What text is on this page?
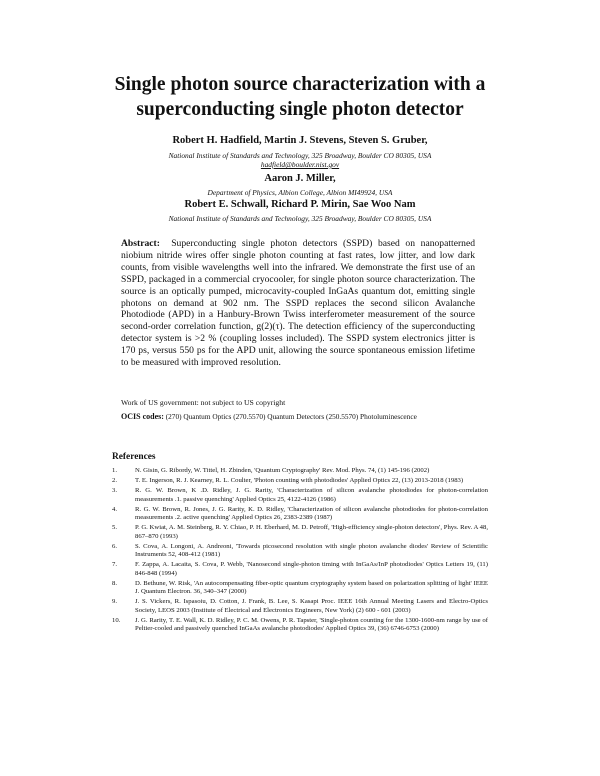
Single photon source characterization with a superconducting single photon detector
Robert H. Hadfield, Martin J. Stevens, Steven S. Gruber,
National Institute of Standards and Technology, 325 Broadway, Boulder CO 80305, USA
hadfield@boulder.nist.gov
Aaron J. Miller,
Department of Physics, Albion College, Albion MI49924, USA
Robert E. Schwall, Richard P. Mirin, Sae Woo Nam
National Institute of Standards and Technology, 325 Broadway, Boulder CO 80305, USA
Abstract: Superconducting single photon detectors (SSPD) based on nanopatterned niobium nitride wires offer single photon counting at fast rates, low jitter, and low dark counts, from visible wavelengths well into the infrared. We demonstrate the first use of an SSPD, packaged in a commercial cryocooler, for single photon source characterization. The source is an optically pumped, microcavity-coupled InGaAs quantum dot, emitting single photons on demand at 902 nm. The SSPD replaces the second silicon Avalanche Photodiode (APD) in a Hanbury-Brown Twiss interferometer measurement of the source second-order correlation function, g(2)(τ). The detection efficiency of the superconducting detector system is >2 % (coupling losses included). The SSPD system electronics jitter is 170 ps, versus 550 ps for the APD unit, allowing the source spontaneous emission lifetime to be measured with improved resolution.
Work of US government: not subject to US copyright
OCIS codes: (270) Quantum Optics (270.5570) Quantum Detectors (250.5570) Photoluminescence
References
1.	N. Gisin, G. Ribordy, W. Tittel, H. Zbinden, 'Quantum Cryptography' Rev. Mod. Phys. 74, (1) 145-196 (2002)
2.	T. E. Ingerson, R. J. Kearney, R. L. Coulter, 'Photon counting with photodiodes' Applied Optics 22, (13) 2013-2018 (1983)
3.	R. G. W. Brown, K .D. Ridley, J. G. Rarity, 'Characterization of silicon avalanche photodiodes for photon-correlation measurements .1. passive quenching' Applied Optics 25, 4122-4126 (1986)
4.	R. G. W. Brown, R. Jones, J. G. Rarity, K. D. Ridley, 'Characterization of silicon avalanche photodiodes for photon-correlation measurements .2. active quenching' Applied Optics 26, 2383-2389 (1987)
5.	P. G. Kwiat, A. M. Steinberg, R. Y. Chiao, P. H. Eberhard, M. D. Petroff, 'High-efficiency single-photon detectors', Phys. Rev. A 48, 867–870 (1993)
6.	S. Cova, A. Longoni, A. Andreoni, 'Towards picosecond resolution with single photon avalanche diodes' Review of Scientific Instruments 52, 408-412 (1981)
7.	F. Zappa, A. Lacaita, S. Cova, P. Webb, 'Nanosecond single-photon timing with InGaAs/InP photodiodes' Optics Letters 19, (11) 846-848 (1994)
8.	D. Bethune, W. Risk, 'An autocompensating fiber-optic quantum cryptography system based on polarization splitting of light' IEEE J. Quantum Electron. 36, 340–347 (2000)
9.	J. S. Vickers, R. Ispasoiu, D. Cotton, J. Frank, B. Lee, S. Kasapi Proc. IEEE 16th Annual Meeting Lasers and Electro-Optics Society, LEOS 2003 (Institute of Electrical and Electronics Engineers, New York) (2) 600 - 601 (2003)
10.	J. G. Rarity, T. E. Wall, K. D. Ridley, P. C. M. Owens, P. R. Tapster, 'Single-photon counting for the 1300-1600-nm range by use of Peltier-cooled and passively quenched InGaAs avalanche photodiodes' Applied Optics 39, (36) 6746-6753 (2000)
